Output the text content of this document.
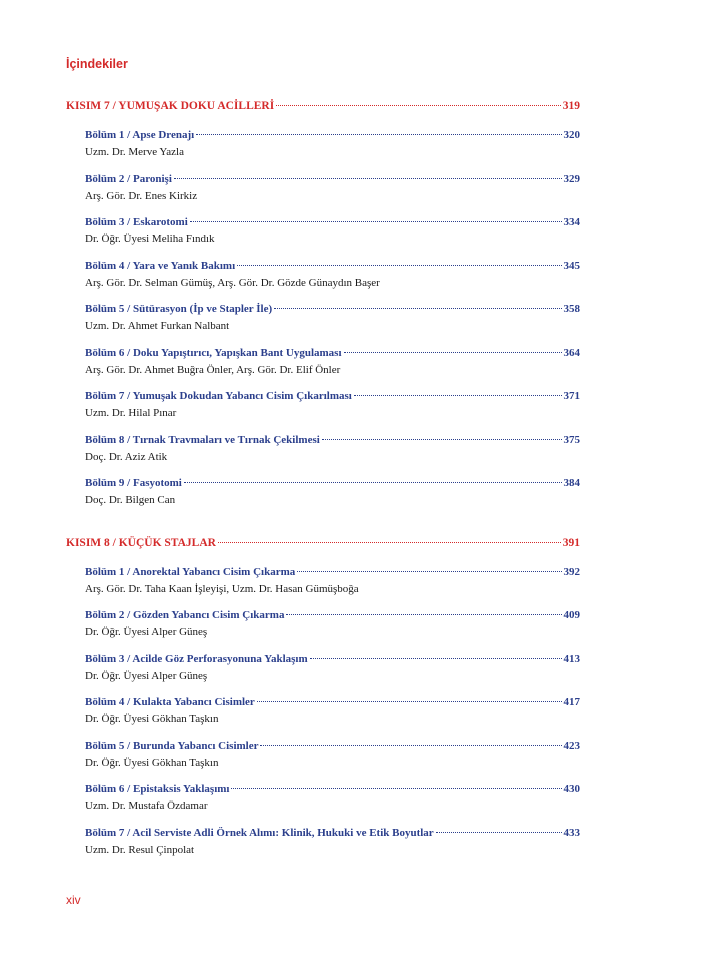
İçindekiler
KISIM 7 / YUMUŞAK DOKU ACİLLERİ	319
Bölüm 1 / Apse Drenajı	320
Uzm. Dr. Merve Yazla
Bölüm 2 / Paronişi	329
Arş. Gör. Dr. Enes Kirkiz
Bölüm 3 / Eskarotomi	334
Dr. Öğr. Üyesi Meliha Fındık
Bölüm 4 / Yara ve Yanık Bakımı	345
Arş. Gör. Dr. Selman Gümüş, Arş. Gör. Dr. Gözde Günaydın Başer
Bölüm 5 / Sütürasyon (İp ve Stapler İle)	358
Uzm. Dr. Ahmet Furkan Nalbant
Bölüm 6 / Doku Yapıştırıcı, Yapışkan Bant Uygulaması	364
Arş. Gör. Dr. Ahmet Buğra Önler, Arş. Gör. Dr. Elif Önler
Bölüm 7 / Yumuşak Dokudan Yabancı Cisim Çıkarılması	371
Uzm. Dr. Hilal Pınar
Bölüm 8 / Tırnak Travmaları ve Tırnak Çekilmesi	375
Doç. Dr. Aziz Atik
Bölüm 9 / Fasyotomi	384
Doç. Dr. Bilgen Can
KISIM 8 / KÜÇÜK STAJLAR	391
Bölüm 1 / Anorektal Yabancı Cisim Çıkarma	392
Arş. Gör. Dr. Taha Kaan İşleyişi, Uzm. Dr. Hasan Gümüşboğa
Bölüm 2 / Gözden Yabancı Cisim Çıkarma	409
Dr. Öğr. Üyesi Alper Güneş
Bölüm 3 / Acilde Göz Perforasyonuna Yaklaşım	413
Dr. Öğr. Üyesi Alper Güneş
Bölüm 4 / Kulakta Yabancı Cisimler	417
Dr. Öğr. Üyesi Gökhan Taşkın
Bölüm 5 / Burunda Yabancı Cisimler	423
Dr. Öğr. Üyesi Gökhan Taşkın
Bölüm 6 / Epistaksis Yaklaşımı	430
Uzm. Dr. Mustafa Özdamar
Bölüm 7 / Acil Serviste Adli Örnek Alımı: Klinik, Hukuki ve Etik Boyutlar	433
Uzm. Dr. Resul Çinpolat
xiv
